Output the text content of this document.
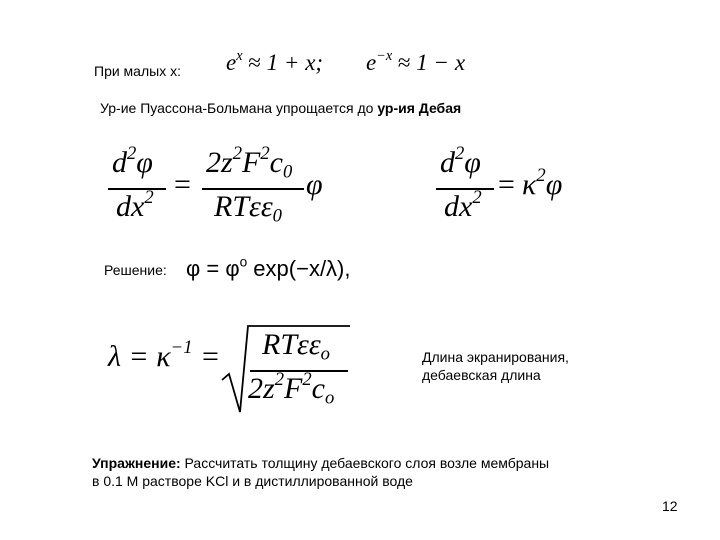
При малых x: $e^x \approx 1 + x$; $e^{-x} \approx 1 - x$
Ур-ие Пуассона-Больмана упрощается до ур-ия Дебая
$d^2\varphi$
$dx^2$ =
$2z^2F^2c_0$
RTεε$_0$
φ
$d^2\varphi$
$dx^2 = \kappa^2\varphi$
Решение: $\varphi = \varphi^o$ exp(−x/λ),
$\lambda = \kappa^{-1} = RT\varepsilon\varepsilon_o$
$2z^2F^2c_o$
Длина экранирования,
дебаевская длина
Упражнение: Рассчитать толщину дебаевского слоя возле мембраны
в 0.1 М растворе KCl и в дистиллированной воде
12
